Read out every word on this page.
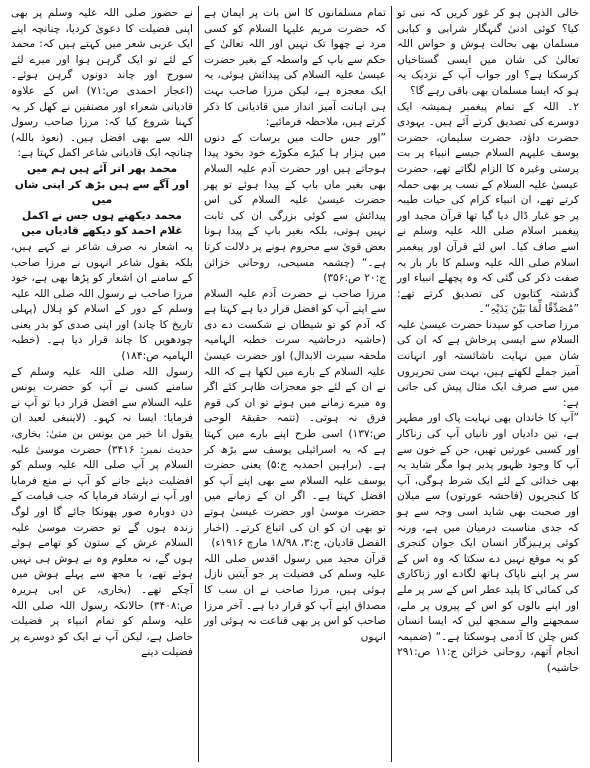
خالی الذہن ہو کر غور کریں کہ نبی تو کیا؟ کوئی ادنیٰ گنہگار شرابی و کبابی مسلمان بھی بحالت ہوش و حواس اللہ تعالیٰ کی شان میں ایسی گستاخیاں کرسکتا ہے؟ اور جواب آپ کے نزدیک یہ ہو کہ ایسا مسلمان بھی باقی رہے گا؟

۲۔ اللہ کے تمام پیغمبر ہمیشہ ایک دوسرے کی تصدیق کرتے آئے ہیں۔ یہودی حضرت داؤد، حضرت سلیمان، حضرت یوسف علیہم السلام جیسے انبیاء پر بت پرستی وغیرہ کا الزام لگاتے تھے، حضرت عیسیٰ علیہ السلام کے نسب پر بھی حملہ کرتے تھے، ان انبیاء کرام کی حیات طیبہ پر جو غبار ڈال دیا گیا تھا قرآن مجید اور پیغمبر اسلام صلی اللہ علیہ وسلم نے اسے صاف کیا۔ اس لئے قرآن اور پیغمبر اسلام صلی اللہ علیہ وسلم کا بار بار یہ صفت ذکر کی گئی کہ وہ پچھلے انبیاء اور گذشتہ کتابوں کی تصدیق کرتے تھے: ”مُصَدِّقًا لِّمَا بَیْنَ یَدَیْہِ“۔

مرزا صاحب کو سیدنا حضرت عیسیٰ علیہ السلام سے ایسی پرخاش ہے کہ ان کی شان میں نہایت ناشائستہ اور انہانت آمیز جملے لکھتے ہیں، بہت سی تحریروں میں سے صرف ایک مثال پیش کی جاتی ہے:

”آپ کا خاندان بھی نہایت پاک اور مطہر ہے، تین دادیاں اور نانیاں آپ کی زناکار اور کسبی عورتیں تھیں، جن کے خون سے آپ کا وجود ظہور پذیر ہوا مگر شاید یہ بھی خدائی کے لئے ایک شرط ہوگی، آپ کا کنجریوں (فاحشہ عورتوں) سے میلان اور صحبت بھی شاید اسی وجہ سے ہو کہ جدی مناسبت درمیان میں ہے، ورنہ کوئی پرہیزگار انسان ایک جوان کنجری کو یہ موقع نہیں دے سکتا کہ وہ اس کے سر پر اپنے ناپاک ہاتھ لگادے اور زناکاری کی کمائی کا پلید عطر اس کے سر پر ملے اور اپنے بالوں کو اس کے پیروں پر ملے، سمجھنے والے سمجھ لیں کہ ایسا انسان کس چلن کا آدمی ہوسکتا ہے۔“ (ضمیمہ انجام آتھم، روحانی خزائن ج:۱۱ ص:۲۹۱ حاشیہ)

تمام مسلمانوں کا اس بات پر ایمان ہے کہ حضرت مریم علیہا السلام کو کسی مرد نے چھوا تک نہیں اور اللہ تعالیٰ کے حکم سے باپ کے واسطہ کے بغیر حضرت عیسیٰ علیہ السلام کی پیدائش ہوئی، یہ ایک معجزہ ہے، لیکن مرزا صاحب بہت ہی اہانت آمیز انداز میں قادیانی کا ذکر کرتے ہیں، ملاحظہ فرمائیے:

”اور جس حالت میں برسات کے دنوں میں ہزار ہا کیڑے مکوڑے خود بخود پیدا ہوجاتے ہیں اور حضرت آدم علیہ السلام بھی بغیر ماں باپ کے پیدا ہوئے تو پھر حضرت عیسیٰ علیہ السلام کی اس پیدائش سے کوئی بزرگی ان کی ثابت نہیں ہوتی، بلکہ بغیر باپ کے پیدا ہونا بعض قویٰ سے محروم ہونے پر دلالت کرتا ہے۔“ (چشمہ مسیحی، روحانی خزائن ج:۲۰ ص:۳۵۶)

مرزا صاحب نے حضرت آدم علیہ السلام سے اپنے آپ کو افضل قرار دیا ہے کہتا ہے کہ آدم کو تو شیطان نے شکست دے دی (حاشیہ درحاشیہ سرت خطبہ الہامیہ ملحقہ سیرت الابدال) اور حضرت عیسیٰ علیہ السلام کے بارے میں لکھا ہے کہ اللہ نے ان کے لئے جو معجزات ظاہر کئے اگر وہ میرے زمانے میں ہوتے تو ان کی قوم فرق نہ ہوتی۔ (تتمہ حقیقۃ الوحی ص:۱۳۷) اسی طرح اپنے بارے میں کہتا ہے کہ یہ اسرائیلی یوسف سے بڑھ کر ہے۔ (براہین احمدیہ ج:۵) یعنی حضرت یوسف علیہ السلام سے بھی اپنے آپ کو افضل کہتا ہے۔ اگر ان کے زمانے میں حضرت موسیٰ اور حضرت عیسیٰ ہوتے تو بھی ان کو ان کی اتباع کرتے۔ (اخبار الفضل قادیان، ج:۳، ۱۸/۹۸ مارچ ۱۹۱۶ء)

قرآن مجید میں رسول اقدس صلی اللہ علیہ وسلم کی فضیلت پر جو آیتیں نازل ہوئی ہیں، مرزا صاحب نے ان سب کا مصداق اپنے آپ کو قرار دیا ہے۔ آخر مرزا صاحب کو اس پر بھی قناعت نہ ہوئی اور انہوں

نے حضور صلی اللہ علیہ وسلم پر بھی اپنی فضیلت کا دعویٰ کردیا، چنانچہ اپنے ایک عربی شعر میں کہتے ہیں کہ: محمد کے لئے تو ایک گرہن ہوا اور میرے لئے سورج اور چاند دونوں گرہن ہوئے۔ (اعجاز احمدی ص:۷۱) اس کے علاوہ قادیانی شعراء اور مصنفین نے کھل کر یہ کہنا شروع کیا کہ: مرزا صاحب رسول اللہ سے بھی افضل ہیں۔ (نعوذ باللہ) چنانچہ ایک قادیانی شاعر اکمل کہتا ہے:

محمد پھر اتر آئے ہیں ہم میں

اور آگے سے ہیں بڑھ کر اپنی شاں میں

محمد دیکھنے ہوں جس نے اکمل

غلام احمد کو دیکھے قادیاں میں

یہ اشعار نہ صرف شاعر نے کہے ہیں، بلکہ بقول شاعر انہوں نے مرزا صاحب کے سامنے ان اشعار کو پڑھا بھی ہے، خود مرزا صاحب نے رسول اللہ صلی اللہ علیہ وسلم کے دور کے اسلام کو ہلال (پہلی تاریخ کا چاند) اور اپنی صدی کو بدر یعنی چودھویں کا چاند قرار دیا ہے۔ (خطبہ الہامیہ ص:۱۸۴)

رسول اللہ صلی اللہ علیہ وسلم کے سامنے کسی نے آپ کو حضرت یونس علیہ السلام سے افضل قرار دیا تو آپ نے فرمایا: ایسا نہ کہو۔ (لاینبغی لعبد ان یقول انا خیر من یونس بن متیٰ: بخاری، حدیث نمبر: ۳۴۱۶) حضرت موسیٰ علیہ السلام پر آپ صلی اللہ علیہ وسلم کو افضلیت دیئے جانے کو آپ نے منع فرمایا اور آپ نے ارشاد فرمایا کہ جب قیامت کے دن دوبارہ صور پھونکا جائے گا اور لوگ زندہ ہوں گے تو حضرت موسیٰ علیہ السلام عرش کے ستون کو تھامے ہوئے ہوں گے، نہ معلوم وہ بے ہوش ہی نہیں ہوئے تھے، یا مجھ سے پہلے ہوش میں آچکے تھے۔ (بخاری، عن ابی ہریرہ ص:۳۴۰۸) حالانکہ رسول اللہ صلی اللہ علیہ وسلم کو تمام انبیاء پر فضیلت حاصل ہے، لیکن آپ نے ایک کو دوسرے پر فضیلت دینے
